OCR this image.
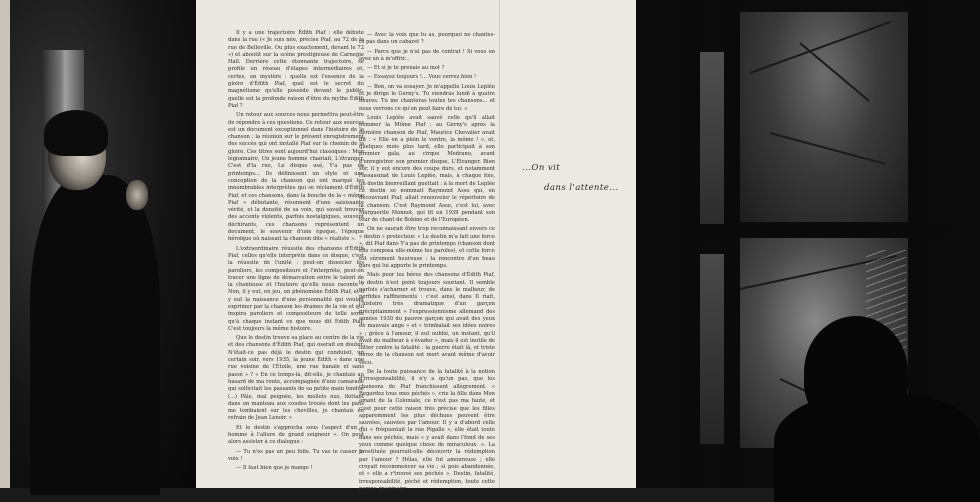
Il y a une trajectoire Édith Piaf : elle débute dans la rue (« Je suis née, précise Piaf, au 72 de la rue de Belleville. Ou plus exactement, devant le 72 ») et aboutit sur la scène prestigieuse de Carnegie Hall. Derrière cette étonnante trajectoire, se profile un réseau d'étapes intermédiaires et, certes, un mystère : quelle est l'essence de la gloire d'Édith Piaf, quel est le secret du magnétisme qu'elle possède devant le public, quelle est la profonde raison d'être du mythe Édith Piaf ?

Un retour aux sources nous permettra peut-être de répondre à ces questions. Ce retour aux sources est un document exceptionnel dans l'histoire de la chanson : la réunion sur le présent enregistrement des succès qui ont installé Piaf sur le chemin de la gloire. Ces titres sont aujourd'hui classiques : Mon légionnaire, Un jeune homme chantait, L'étranger, C'est d'la rue, Le disque usé, Y'a pas de printemps... Ils définissent un style et une conception de la chanson qui ont marqué les innombrables interprètes qui se réclament d'Édith Piaf, et ces chansons, dans la bouche de la « môme Piaf » débutante, résonnent d'une saisissante vérité, et la densité de sa voix, qui savait trouver des accents violents, parfois nostalgiques, souvent déchirants, ces chansons représentent un document, le souvenir d'une époque, l'époque héroïque où naissait la chanson dite « réaliste ».

L'extraordinaire réussite des chansons d'Édith Piaf, celles qu'elle interprète dans ce disque, c'est la réussite de l'unité : peut-on dissocier les paroliers, les compositeurs et l'interprète, peut-on tracer une ligne de démarcation entre le talent de la chanteuse et l'histoire qu'elle nous raconte ? Non, il y eut, en jeu, un phénomène Édith Piaf, et il y eut la naissance d'une personnalité qui voulait exprimer par la chanson les drames de la vie et qui inspira paroliers et compositeurs de telle sorte qu'à chaque instant ce que nous dit Édith Piaf, C'est toujours la même histoire.

Que le destin trouve sa place au centre de la vie et des chansons d'Édith Piaf, qui oserait en douter. N'était-ce pas déjà le destin qui conduisit, un certain soir, vers 1935, la jeune Édith « dans une rue voisine de l'Étoile, une rue banale et sans passé » ? « En ce temps-là, dit-elle, je chantais au hasard de ma route, accompagnée d'une camarade qui sollicitait les passants de sa petite main tendue (...) Pâle, mal peignée, les mollets nus, flottant dans un manteau aux coudes troués dont les pans me tombaient sur les chevilles, je chantais en refrain de Jean Lenoir. »

Et le destin s'approcha sous l'aspect d'un « homme à l'allure de grand seigneur ». On peut alors assister à ce dialogue :

— Tu n'es pas un peu folle. Tu vas te casser la voix !

— Il faut bien que je mange !

— Avec la voix que tu as, pourquoi ne chantes-tu pas dans un cabaret ?

— Parce que je n'ai pas de contrat ! Si vous en avez un à m'offrir...

— Et si je te prenais au mot ?

— Essayez toujours !... Vous verrez bien !

— Bon, on va essayer. Je m'appelle Louis Leplée et je dirige le Gerny's. Tu viendras lundi à quatre heures. Tu me chanteras toutes tes chansons... et nous verrons ce qu'on peut faire de toi. »

Louis Leplée avait sauvé celle qu'il allait nommer la Môme Piaf ; au Gerny's après la dernière chanson de Piaf, Maurice Chevalier avait dit : « Elle en a plein le ventre, la môme ! », et, quelques mois plus tard, elle participait à son premier gala, au cirque Medrano, avant d'enregistrer son premier disque, L'Étranger. Bien sûr, il y eut encore des coups durs, et notamment l'assassinat de Louis Leplée, mais, à chaque fois, un destin bienveillant guettait : à la mort de Leplée ce destin se nommait Raymond Asso qui, en découvrant Piaf, allait renouveler le répertoire de la chanson. C'est Raymond Asso, c'est lui, avec Marguerite Monnot, qui fit en 1939 pendant son tour de chant de Bobino et de l'Européen.

On ne saurait être trop reconnaissant envers ce « destin » protecteur. « Le destin m'a fait une force », dit Piaf dans Y'a pas de printemps (chanson dont elle composa elle-même les paroles), et cette force est sûrement heureuse : la rencontre d'un beau gars qui lui apporte le printemps.

Mais pour les héros des chansons d'Édith Piaf, le destin n'est point toujours souriant. Il semble parfois s'acharner et trouve, dans le malheur, de perfides raffinements : c'est ainsi, dans Il riait, l'histoire très dramatique d'un garçon précipitamment « l'expressionnisme allemand des années 1930 du pauvre garçon qui avait des yeux de mauvais ange » et « trimbalait ses idées noires » ; grâce à l'amour, il eut oublié, un instant, qu'il avait du malheur à s'évader », mais il est inutile de lutter contre la fatalité : la guerre était là, et triste héros de la chanson est mort avant même d'avoir vécu.

De la toute puissance de la fatalité à la notion d'irresponsabilité, il n'y a qu'un pas, que les chansons de Piaf franchissent allègrement. « Regardez tous mes péchés », crie la fille dans Mon amant de la Coloniale, ce n'est pas ma faute, et c'est pour cette raison très précise que les filles apparemment les plus déchues peuvent être sauvées, sauvées par l'amour. Il y a d'abord celle qui « fréquentait la rue Pigalle », elle était toute dans ses péchés, mais « y avait dans l'fond de ses yeux comme quelque chose de miraculeux. ». La prostituée pourrait-elle découvrir la rédemption par l'amour ? Hélas, elle fut amoureuse ; elle croyait recommencer sa vie ; si pois abandonnée, et « elle a r'trouvé ses péchés ». Destin, fatalité, irresponsabilité, péché et rédemption, toute cette pompe imaginaire

...On vit
dans l'attente...
